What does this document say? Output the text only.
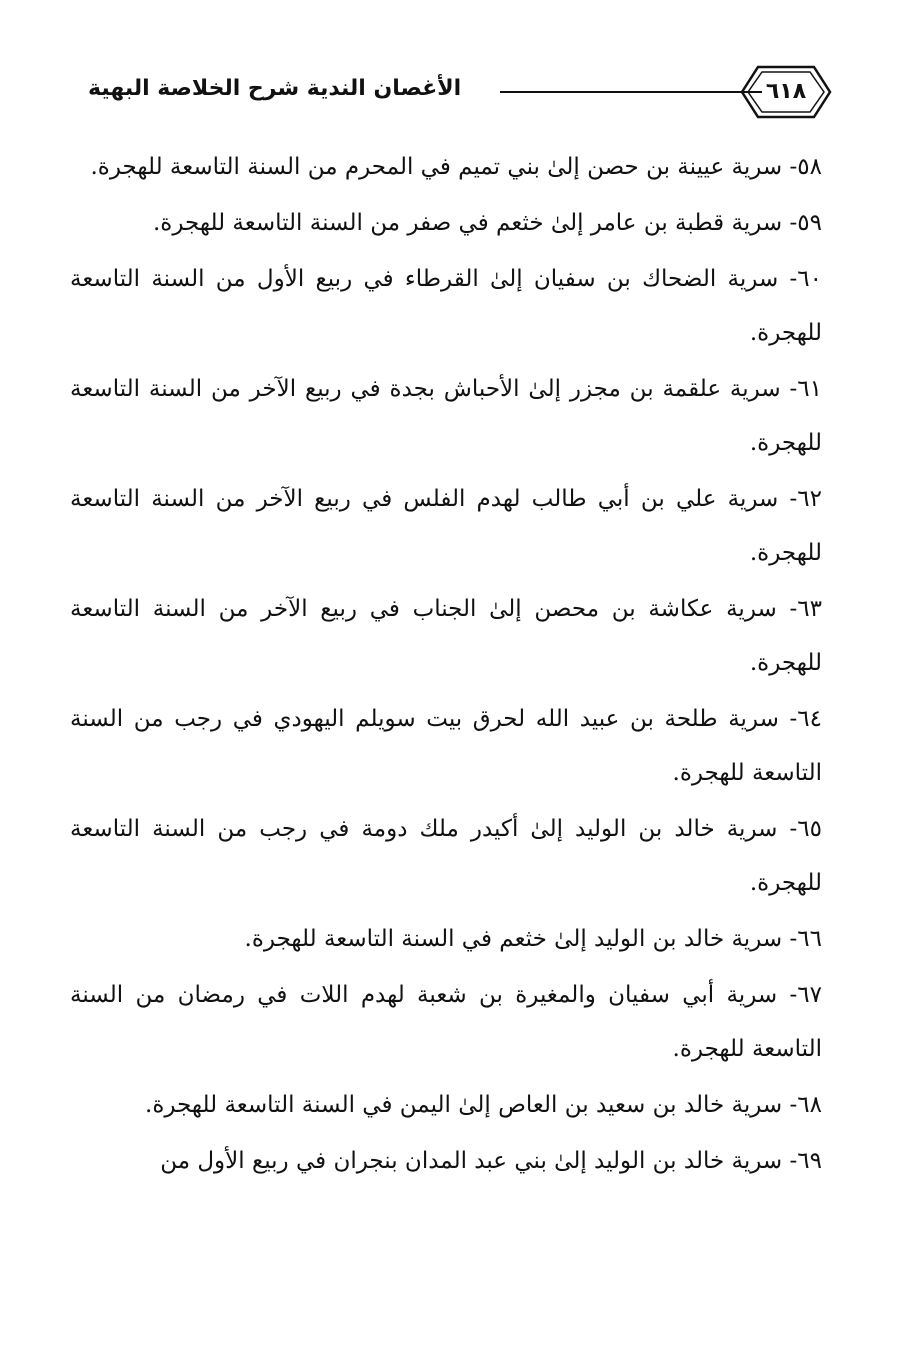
الأغصان الندية شرح الخلاصة البهية	٦١٨

٥٨- سرية عيينة بن حصن إلىٰ بني تميم في المحرم من السنة التاسعة للهجرة.

٥٩- سرية قطبة بن عامر إلىٰ خثعم في صفر من السنة التاسعة للهجرة.

٦٠- سرية الضحاك بن سفيان إلىٰ القرطاء في ربيع الأول من السنة التاسعة للهجرة.

٦١- سرية علقمة بن مجزر إلىٰ الأحباش بجدة في ربيع الآخر من السنة التاسعة للهجرة.

٦٢- سرية علي بن أبي طالب لهدم الفلس في ربيع الآخر من السنة التاسعة للهجرة.

٦٣- سرية عكاشة بن محصن إلىٰ الجناب في ربيع الآخر من السنة التاسعة للهجرة.

٦٤- سرية طلحة بن عبيد الله لحرق بيت سويلم اليهودي في رجب من السنة التاسعة للهجرة.

٦٥- سرية خالد بن الوليد إلىٰ أكيدر ملك دومة في رجب من السنة التاسعة للهجرة.

٦٦- سرية خالد بن الوليد إلىٰ خثعم في السنة التاسعة للهجرة.

٦٧- سرية أبي سفيان والمغيرة بن شعبة لهدم اللات في رمضان من السنة التاسعة للهجرة.

٦٨- سرية خالد بن سعيد بن العاص إلىٰ اليمن في السنة التاسعة للهجرة.

٦٩- سرية خالد بن الوليد إلىٰ بني عبد المدان بنجران في ربيع الأول من
